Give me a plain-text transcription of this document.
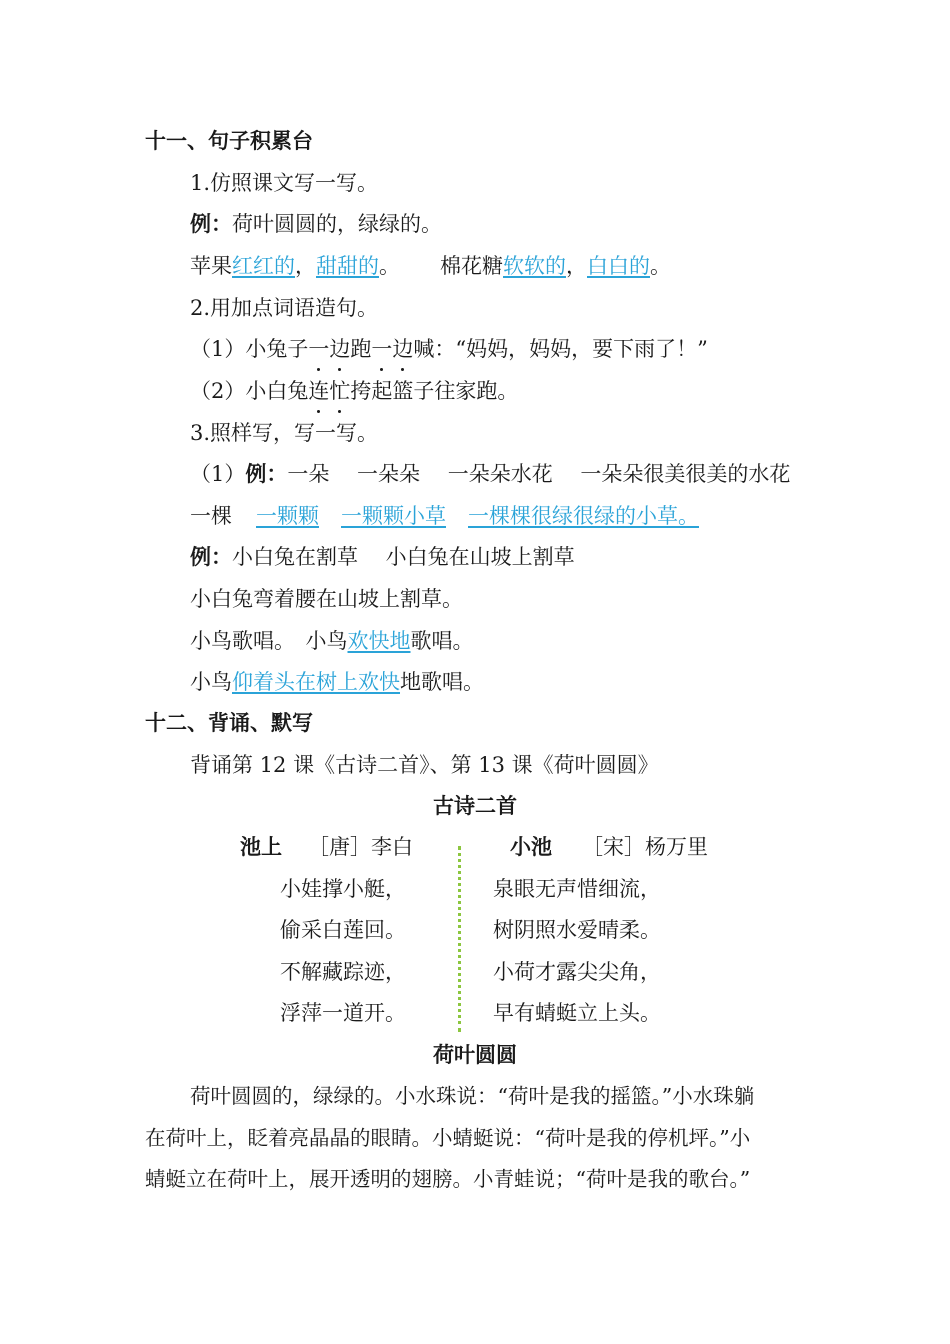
十一、句子积累台
1.仿照课文写一写。
例：荷叶圆圆的，绿绿的。
苹果红红的，甜甜的。 棉花糖软软的，白白的。
2.用加点词语造句。
（1）小兔子一边跑一边喊：“妈妈，妈妈，要下雨了！”
（2）小白兔连忙挎起篮子往家跑。
3.照样写，写一写。
（1）例：一朵　 一朵朵　 一朵朵水花　 一朵朵很美很美的水花
一棵 一颗颗 一颗颗小草 一棵棵很绿很绿的小草。
例：小白兔在割草　 小白兔在山坡上割草
小白兔弯着腰在山坡上割草。
小鸟歌唱。　小鸟欢快地歌唱。
小鸟仰着头在树上欢快地歌唱。
十二、背诵、默写
背诵第 12 课《古诗二首》、第 13 课《荷叶圆圆》
古诗二首
池上 ［唐］李白
小娃撑小艇，
偷采白莲回。
不解藏踪迹，
浮萍一道开。
小池 ［宋］杨万里
泉眼无声惜细流，
树阴照水爱晴柔。
小荷才露尖尖角，
早有蜻蜓立上头。
荷叶圆圆
荷叶圆圆的，绿绿的。小水珠说：“荷叶是我的摇篮。”小水珠躺
在荷叶上，眨着亮晶晶的眼睛。小蜻蜓说：“荷叶是我的停机坪。”小
蜻蜓立在荷叶上，展开透明的翅膀。小青蛙说；“荷叶是我的歌台。”
